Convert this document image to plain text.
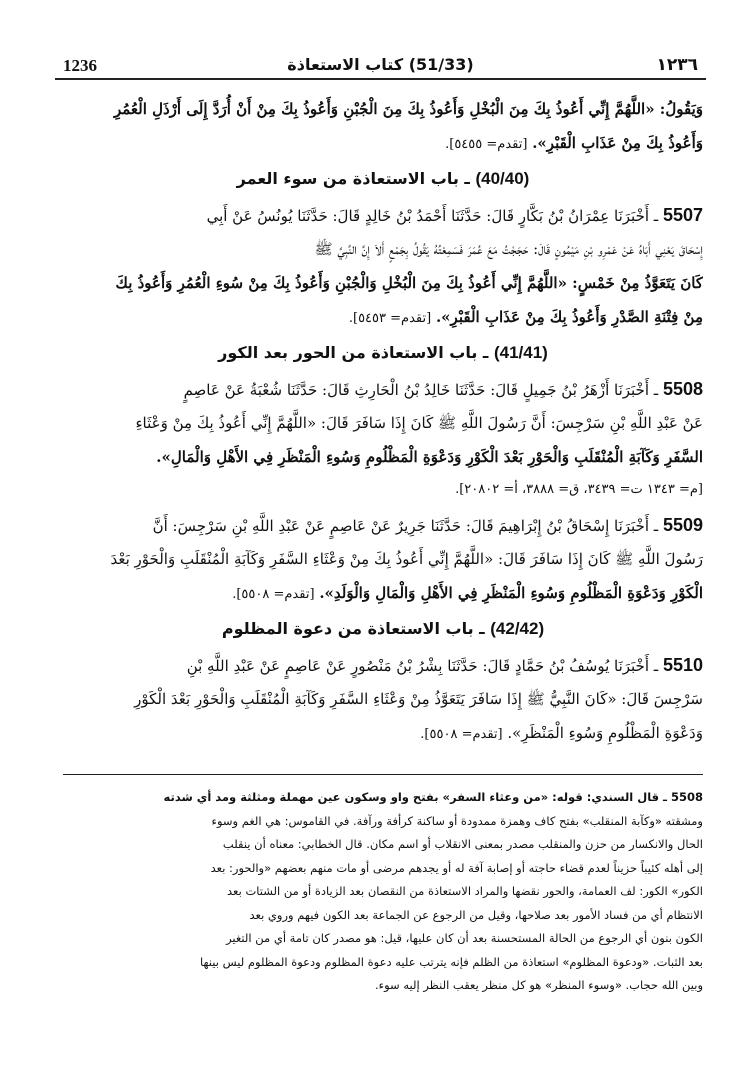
1236	(51/33) كتاب الاستعاذة	١٢٣٦
وَيَقُولُ: «اللَّهُمَّ إِنِّي أَعُوذُ بِكَ مِنَ الْبُخْلِ وَأَعُوذُ بِكَ مِنَ الْجُبْنِ وَأَعُوذُ بِكَ مِنْ أَنْ أُرَدَّ إِلَى أَرْذَلِ الْعُمُرِ
وَأَعُوذُ بِكَ مِنْ عَذَابِ الْقَبْرِ». [تقدم= ٥٤٥٥].
(40/40) ـ باب الاستعاذة من سوء العمر
5507 ـ أَخْبَرَنَا عِمْرَانُ بْنُ بَكَّارٍ قَالَ: حَدَّثَنَا أَحْمَدُ بْنُ خَالِدٍ قَالَ: حَدَّثَنَا يُونُسُ عَنْ أَبِي
إِسْحَاقَ يَعْنِي أَبَاهُ عَنْ عَمْرِو بْنِ مَيْمُونٍ قَالَ: حَجَجْتُ مَعَ عُمَرَ فَسَمِعْتُهُ يَقُولُ بِجَمْعٍ أَلاَ إِنَّ النَّبِيَّ ﷺ
كَانَ يَتَعَوَّذُ مِنْ خَمْسٍ: «اللَّهُمَّ إِنِّي أَعُوذُ بِكَ مِنَ الْبُخْلِ وَالْجُبْنِ وَأَعُوذُ بِكَ مِنْ سُوءِ الْعُمُرِ وَأَعُوذُ بِكَ
مِنْ فِتْنَةِ الصَّدْرِ وَأَعُوذُ بِكَ مِنْ عَذَابِ الْقَبْرِ». [تقدم= ٥٤٥٣].
(41/41) ـ باب الاستعاذة من الحور بعد الكور
5508 ـ أَخْبَرَنَا أَزْهَرُ بْنُ جَمِيلٍ قَالَ: حَدَّثَنَا خَالِدُ بْنُ الْحَارِثِ قَالَ: حَدَّثَنَا شُعْبَةُ عَنْ عَاصِمٍ
عَنْ عَبْدِ اللَّهِ بْنِ سَرْجِسَ: أَنَّ رَسُولَ اللَّهِ ﷺ كَانَ إِذَا سَافَرَ قَالَ: «اللَّهُمَّ إِنِّي أَعُوذُ بِكَ مِنْ وَعْثَاءِ
السَّفَرِ وَكَآبَةِ الْمُنْقَلَبِ وَالْحَوْرِ بَعْدَ الْكَوْرِ وَدَعْوَةِ الْمَظْلُومِ وَسُوءِ الْمَنْظَرِ فِي الأَهْلِ وَالْمَالِ».
[م= ١٣٤٣ ت= ٣٤٣٩، ق= ٣٨٨٨، أ= ٢٠٨٠٢].
5509 ـ أَخْبَرَنَا إِسْحَاقُ بْنُ إِبْرَاهِيمَ قَالَ: حَدَّثَنَا جَرِيرٌ عَنْ عَاصِمٍ عَنْ عَبْدِ اللَّهِ بْنِ سَرْجِسَ: أَنَّ
رَسُولَ اللَّهِ ﷺ كَانَ إِذَا سَافَرَ قَالَ: «اللَّهُمَّ إِنِّي أَعُوذُ بِكَ مِنْ وَعْثَاءِ السَّفَرِ وَكَآبَةِ الْمُنْقَلَبِ وَالْحَوْرِ بَعْدَ
الْكَوْرِ وَدَعْوَةِ الْمَظْلُومِ وَسُوءِ الْمَنْظَرِ فِي الأَهْلِ وَالْمَالِ وَالْوَلَدِ». [تقدم= ٥٥٠٨].
(42/42) ـ باب الاستعاذة من دعوة المظلوم
5510 ـ أَخْبَرَنَا يُوسُفُ بْنُ حَمَّادٍ قَالَ: حَدَّثَنَا بِشْرُ بْنُ مَنْصُورٍ عَنْ عَاصِمٍ عَنْ عَبْدِ اللَّهِ بْنِ
سَرْجِسَ قَالَ: «كَانَ النَّبِيُّ ﷺ إِذَا سَافَرَ يَتَعَوَّذُ مِنْ وَعْثَاءِ السَّفَرِ وَكَآبَةِ الْمُنْقَلَبِ وَالْحَوْرِ بَعْدَ الْكَوْرِ
وَدَعْوَةِ الْمَظْلُومِ وَسُوءِ الْمَنْظَرِ». [تقدم= ٥٥٠٨].
5508 ـ قال السندي: قوله: «من وعثاء السفر» بفتح واو وسكون عين مهملة ومثلثة ومد أي شدته
ومشقته «وكآبة المنقلب» بفتح كاف وهمزة ممدودة أو ساكنة كرأفة ورآفة. في القاموس: هي الغم وسوء
الحال والانكسار من حزن والمنقلب مصدر بمعنى الانقلاب أو اسم مكان. قال الخطابي: معناه أن ينقلب
إلى أهله كئيباً حزيناً لعدم قضاء حاجته أو إصابة آفة له أو يجدهم مرضى أو مات منهم بعضهم «والحور: بعد
الكور» الكور: لف العمامة، والحور نقضها والمراد الاستعاذة من النقصان بعد الزيادة أو من الشتات بعد
الانتظام أي من فساد الأمور بعد صلاحها، وقيل من الرجوع عن الجماعة بعد الكون فيهم وروي بعد
الكون بنون أي الرجوع من الحالة المستحسنة بعد أن كان عليها، قيل: هو مصدر كان تامة أي من التغير
بعد الثبات. «ودعوة المظلوم» استعاذة من الظلم فإنه يترتب عليه دعوة المظلوم ودعوة المظلوم ليس بينها
وبين الله حجاب. «وسوء المنظر» هو كل منظر يعقب النظر إليه سوء.
